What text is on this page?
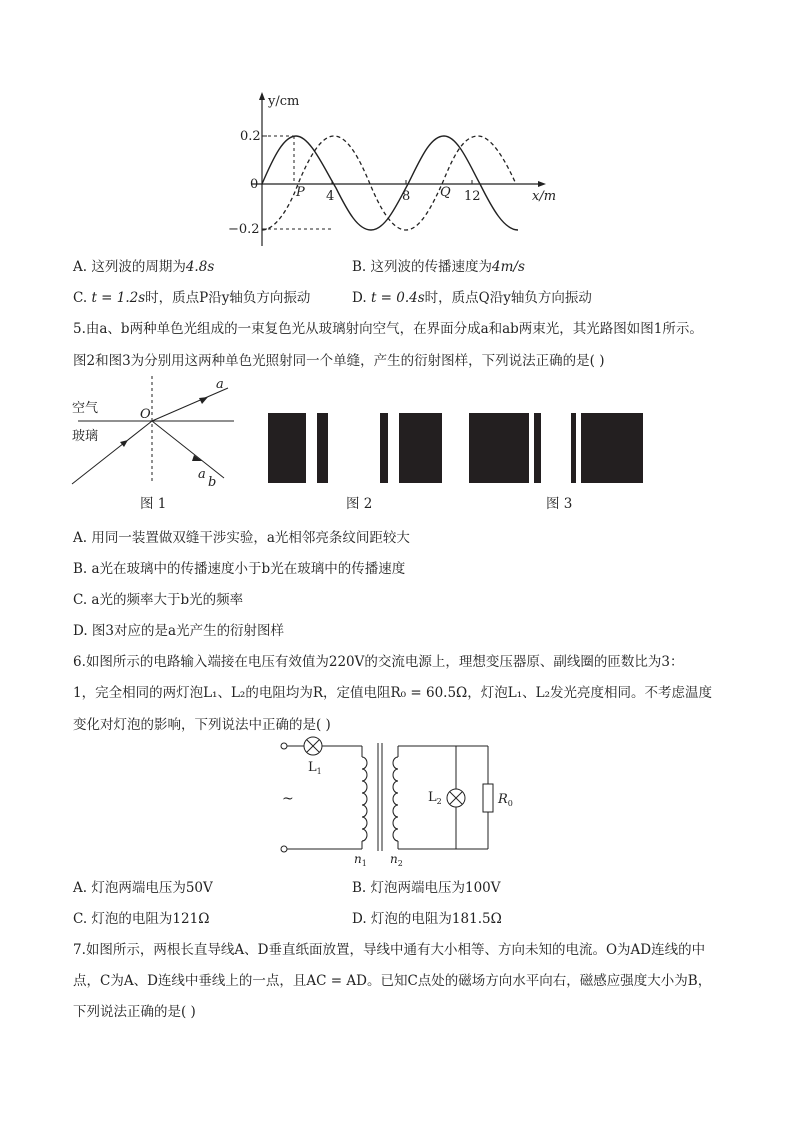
y/cm
x/m
0.2
−0.2
0
4	8	12
P	Q
A. 这列波的周期为4.8s	B. 这列波的传播速度为4m/s
C. t = 1.2s时，质点P沿y轴负方向振动	D. t = 0.4s时，质点Q沿y轴负方向振动
5.由a、b两种单色光组成的一束复色光从玻璃射向空气，在界面分成a和ab两束光，其光路图如图1所示。
图2和图3为分别用这两种单色光照射同一个单缝，产生的衍射图样，下列说法正确的是( )
空气
玻璃
O
a
a
b
图 1	图 2	图 3
A. 用同一装置做双缝干涉实验，a光相邻亮条纹间距较大
B. a光在玻璃中的传播速度小于b光在玻璃中的传播速度
C. a光的频率大于b光的频率
D. 图3对应的是a光产生的衍射图样
6.如图所示的电路输入端接在电压有效值为220V的交流电源上，理想变压器原、副线圈的匝数比为3：
1，完全相同的两灯泡L₁、L₂的电阻均为R，定值电阻R₀ = 60.5Ω，灯泡L₁、L₂发光亮度相同。不考虑温度
变化对灯泡的影响，下列说法中正确的是( )
$L_1$
~	$L_2$	$R_0$
$n_1$ $n_2$
A. 灯泡两端电压为50V	B. 灯泡两端电压为100V
C. 灯泡的电阻为121Ω	D. 灯泡的电阻为181.5Ω
7.如图所示，两根长直导线A、D垂直纸面放置，导线中通有大小相等、方向未知的电流。O为AD连线的中
点，C为A、D连线中垂线上的一点，且AC = AD。已知C点处的磁场方向水平向右，磁感应强度大小为B，
下列说法正确的是( )
